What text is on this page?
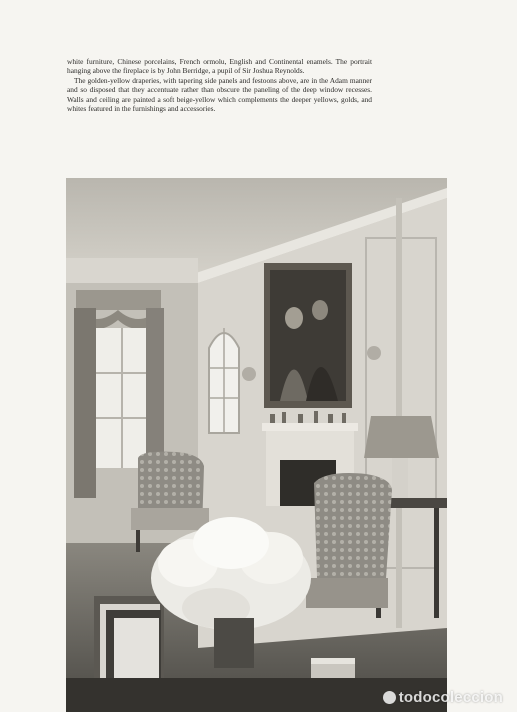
white furniture, Chinese porcelains, French ormolu, English and Continental enamels. The portrait hanging above the fireplace is by John Berridge, a pupil of Sir Joshua Reynolds.

The golden-yellow draperies, with tapering side panels and festoons above, are in the Adam manner and so disposed that they accentuate rather than obscure the paneling of the deep window recesses. Walls and ceiling are painted a soft beige-yellow which complements the deeper yellows, golds, and whites featured in the furnishings and accessories.

todocoleccion
